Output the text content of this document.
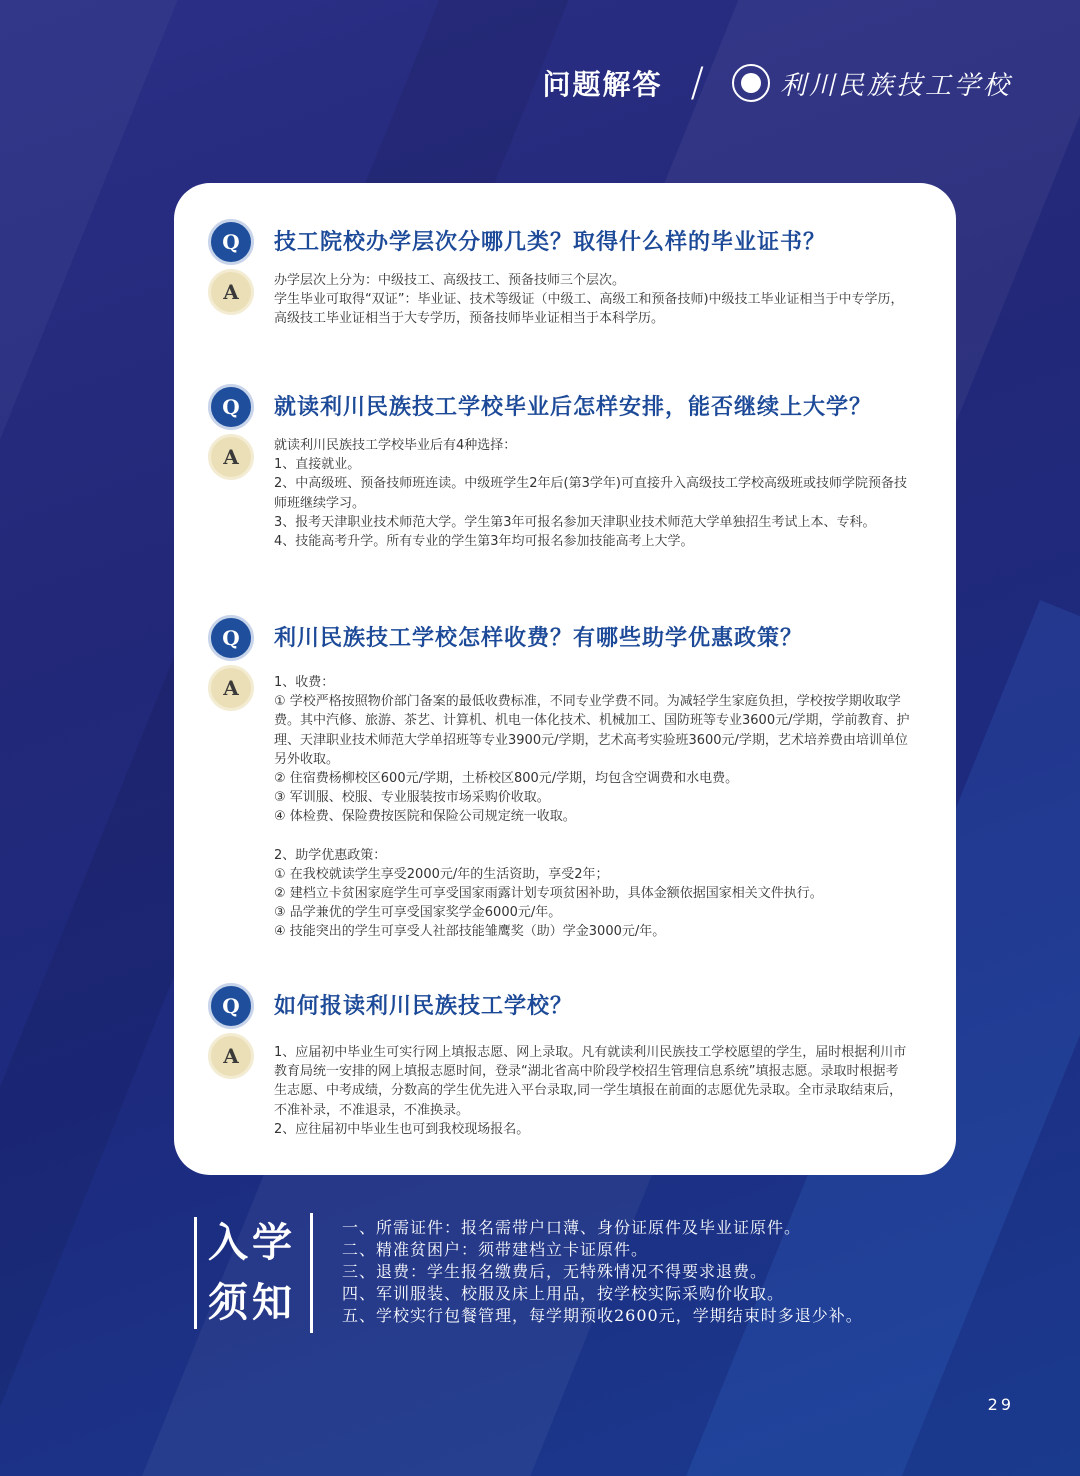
问题解答 /	利川民族技工学校
Q	技工院校办学层次分哪几类？取得什么样的毕业证书？
A	办学层次上分为：中级技工、高级技工、预备技师三个层次。
学生毕业可取得“双证”：毕业证、技术等级证（中级工、高级工和预备技师)中级技工毕业证相当于中专学历，高级技工毕业证相当于大专学历，预备技师毕业证相当于本科学历。
Q	就读利川民族技工学校毕业后怎样安排，能否继续上大学？
A	就读利川民族技工学校毕业后有4种选择：
1、直接就业。
2、中高级班、预备技师班连读。中级班学生2年后(第3学年)可直接升入高级技工学校高级班或技师学院预备技师班继续学习。
3、报考天津职业技术师范大学。学生第3年可报名参加天津职业技术师范大学单独招生考试上本、专科。
4、技能高考升学。所有专业的学生第3年均可报名参加技能高考上大学。
Q	利川民族技工学校怎样收费？有哪些助学优惠政策？
A	1、收费：
① 学校严格按照物价部门备案的最低收费标准，不同专业学费不同。为减轻学生家庭负担，学校按学期收取学费。其中汽修、旅游、茶艺、计算机、机电一体化技术、机械加工、国防班等专业3600元/学期，学前教育、护理、天津职业技术师范大学单招班等专业3900元/学期，艺术高考实验班3600元/学期，艺术培养费由培训单位另外收取。
② 住宿费杨柳校区600元/学期，土桥校区800元/学期，均包含空调费和水电费。
③ 军训服、校服、专业服装按市场采购价收取。
④ 体检费、保险费按医院和保险公司规定统一收取。
2、助学优惠政策：
① 在我校就读学生享受2000元/年的生活资助，享受2年；
② 建档立卡贫困家庭学生可享受国家雨露计划专项贫困补助，具体金额依据国家相关文件执行。
③ 品学兼优的学生可享受国家奖学金6000元/年。
④ 技能突出的学生可享受人社部技能雏鹰奖（助）学金3000元/年。
Q	如何报读利川民族技工学校？
A	1、应届初中毕业生可实行网上填报志愿、网上录取。凡有就读利川民族技工学校愿望的学生，届时根据利川市教育局统一安排的网上填报志愿时间，登录“湖北省高中阶段学校招生管理信息系统”填报志愿。录取时根据考生志愿、中考成绩，分数高的学生优先进入平台录取,同一学生填报在前面的志愿优先录取。全市录取结束后，不准补录，不准退录，不准换录。
2、应往届初中毕业生也可到我校现场报名。
入学
须知
一、所需证件：报名需带户口薄、身份证原件及毕业证原件。
二、精准贫困户：须带建档立卡证原件。
三、退费：学生报名缴费后，无特殊情况不得要求退费。
四、军训服装、校服及床上用品，按学校实际采购价收取。
五、学校实行包餐管理，每学期预收2600元，学期结束时多退少补。
29
